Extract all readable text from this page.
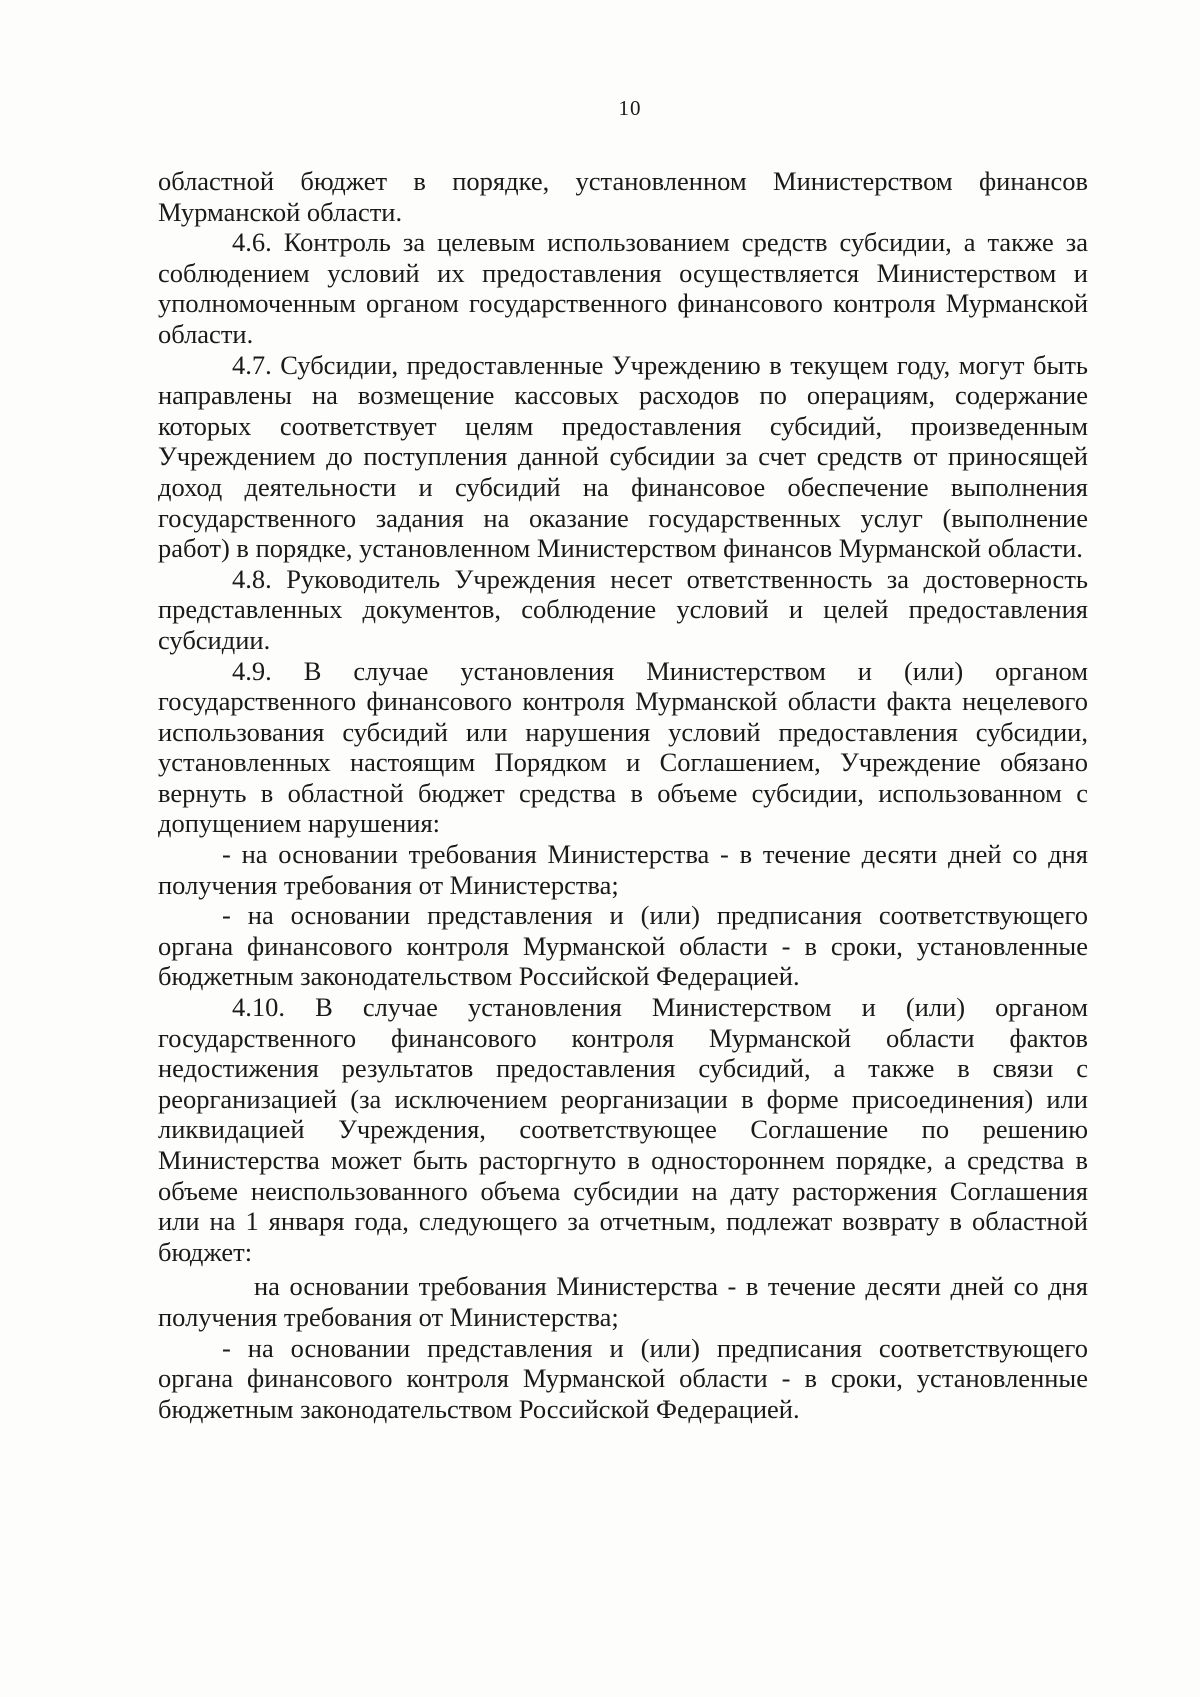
10

областной бюджет в порядке, установленном Министерством финансов Мурманской области.

4.6. Контроль за целевым использованием средств субсидии, а также за соблюдением условий их предоставления осуществляется Министерством и уполномоченным органом государственного финансового контроля Мурманской области.

4.7. Субсидии, предоставленные Учреждению в текущем году, могут быть направлены на возмещение кассовых расходов по операциям, содержание которых соответствует целям предоставления субсидий, произведенным Учреждением до поступления данной субсидии за счет средств от приносящей доход деятельности и субсидий на финансовое обеспечение выполнения государственного задания на оказание государственных услуг (выполнение работ) в порядке, установленном Министерством финансов Мурманской области.

4.8. Руководитель Учреждения несет ответственность за достоверность представленных документов, соблюдение условий и целей предоставления субсидии.

4.9. В случае установления Министерством и (или) органом государственного финансового контроля Мурманской области факта нецелевого использования субсидий или нарушения условий предоставления субсидии, установленных настоящим Порядком и Соглашением, Учреждение обязано вернуть в областной бюджет средства в объеме субсидии, использованном с допущением нарушения:

- на основании требования Министерства - в течение десяти дней со дня получения требования от Министерства;

- на основании представления и (или) предписания соответствующего органа финансового контроля Мурманской области - в сроки, установленные бюджетным законодательством Российской Федерацией.

4.10. В случае установления Министерством и (или) органом государственного финансового контроля Мурманской области фактов недостижения результатов предоставления субсидий, а также в связи с реорганизацией (за исключением реорганизации в форме присоединения) или ликвидацией Учреждения, соответствующее Соглашение по решению Министерства может быть расторгнуто в одностороннем порядке, а средства в объеме неиспользованного объема субсидии на дату расторжения Соглашения или на 1 января года, следующего за отчетным, подлежат возврату в областной бюджет:

на основании требования Министерства - в течение десяти дней со дня получения требования от Министерства;

- на основании представления и (или) предписания соответствующего органа финансового контроля Мурманской области - в сроки, установленные бюджетным законодательством Российской Федерацией.
